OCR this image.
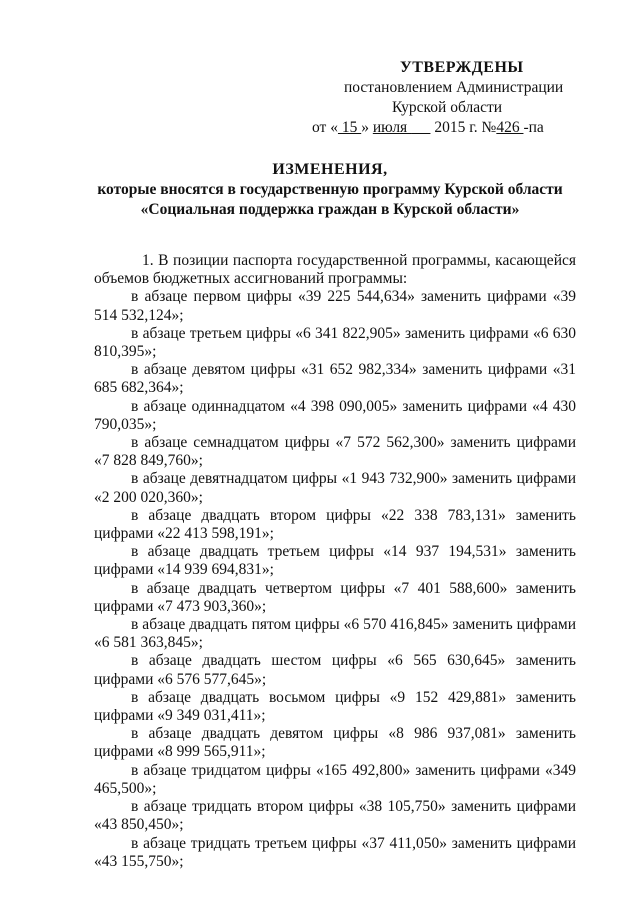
УТВЕРЖДЕНЫ
постановлением Администрации
Курской области
от « 15 » июля       2015 г. №426 -па
ИЗМЕНЕНИЯ,
которые вносятся в государственную программу Курской области
«Социальная поддержка граждан в Курской области»

1. В позиции паспорта государственной программы, касающейся объемов бюджетных ассигнований программы:

в абзаце первом цифры «39 225 544,634» заменить цифрами «39 514 532,124»;
в абзаце третьем цифры «6 341 822,905» заменить цифрами «6 630 810,395»;
в абзаце девятом цифры «31 652 982,334» заменить цифрами «31 685 682,364»;
в абзаце одиннадцатом «4 398 090,005» заменить цифрами «4 430 790,035»;
в абзаце семнадцатом цифры «7 572 562,300» заменить цифрами «7 828 849,760»;
в абзаце девятнадцатом цифры «1 943 732,900» заменить цифрами «2 200 020,360»;
в абзаце двадцать втором цифры «22 338 783,131» заменить цифрами «22 413 598,191»;
в абзаце двадцать третьем цифры «14 937 194,531» заменить цифрами «14 939 694,831»;
в абзаце двадцать четвертом цифры «7 401 588,600» заменить цифрами «7 473 903,360»;
в абзаце двадцать пятом цифры «6 570 416,845» заменить цифрами «6 581 363,845»;
в абзаце двадцать шестом цифры «6 565 630,645» заменить цифрами «6 576 577,645»;
в абзаце двадцать восьмом цифры «9 152 429,881» заменить цифрами «9 349 031,411»;
в абзаце двадцать девятом цифры «8 986 937,081» заменить цифрами «8 999 565,911»;
в абзаце тридцатом цифры «165 492,800» заменить цифрами «349 465,500»;
в абзаце тридцать втором цифры «38 105,750» заменить цифрами «43 850,450»;
в абзаце тридцать третьем цифры «37 411,050» заменить цифрами «43 155,750»;
